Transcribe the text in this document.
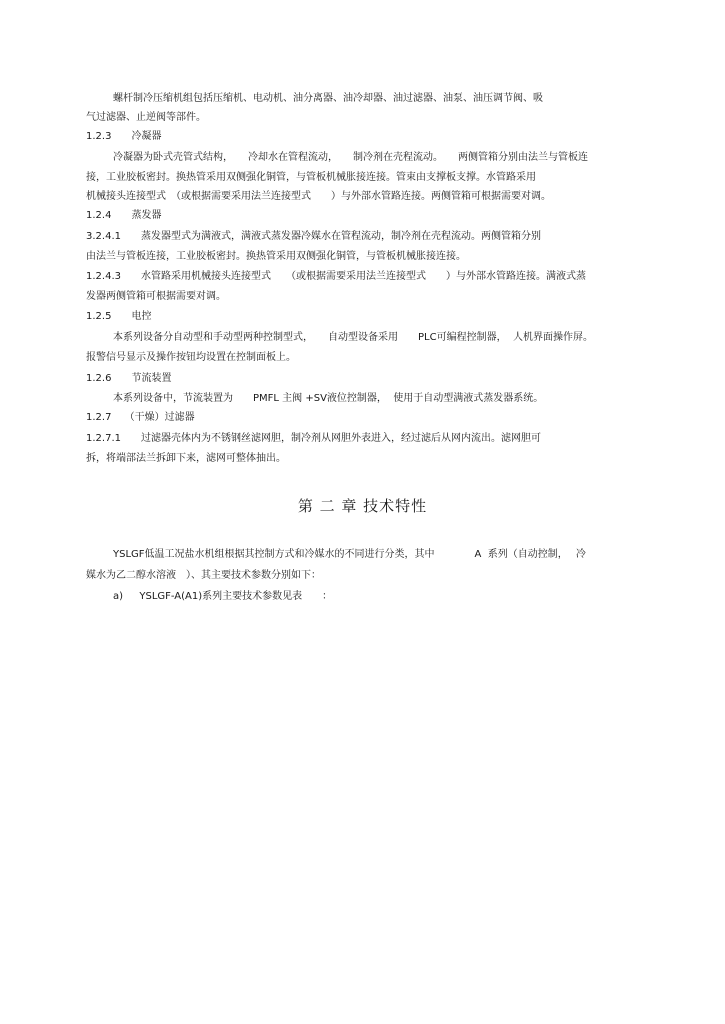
螺杆制冷压缩机组包括压缩机、电动机、油分离器、油冷却器、油过滤器、油泵、油压调节阀、吸
气过滤器、止逆阀等部件。
1.2.3　　冷凝器
冷凝器为卧式壳管式结构，　　冷却水在管程流动，　　制冷剂在壳程流动。　　两侧管箱分别由法兰与管板连
接，工业胶板密封。换热管采用双侧强化铜管，与管板机械胀接连接。管束由支撑板支撑。水管路采用
机械接头连接型式　（或根据需要采用法兰连接型式　　）与外部水管路连接。两侧管箱可根据需要对调。
1.2.4　　蒸发器
3.2.4.1　　蒸发器型式为满液式，满液式蒸发器冷媒水在管程流动，制冷剂在壳程流动。两侧管箱分别
由法兰与管板连接，工业胶板密封。换热管采用双侧强化铜管，与管板机械胀接连接。
1.2.4.3　　水管路采用机械接头连接型式　　（或根据需要采用法兰连接型式　　）与外部水管路连接。满液式蒸
发器两侧管箱可根据需要对调。
1.2.5　　电控
本系列设备分自动型和手动型两种控制型式，　　自动型设备采用　　PLC可编程控制器，  人机界面操作屏。
报警信号显示及操作按钮均设置在控制面板上。
1.2.6　　节流装置
本系列设备中，节流装置为　　PMFL 主阀 +SV液位控制器，  使用于自动型满液式蒸发器系统。
1.2.7　 （干燥）过滤器
1.2.7.1　　过滤器壳体内为不锈钢丝滤网胆，制冷剂从网胆外表进入，经过滤后从网内流出。滤网胆可
拆，将端部法兰拆卸下来，滤网可整体抽出。
第 二 章 技术特性
YSLGF低温工况盐水机组根据其控制方式和冷媒水的不同进行分类，其中　　　　A  系列（自动控制，　 冷
媒水为乙二醇水溶液　）、其主要技术参数分别如下：
a)　  YSLGF-A(A1)系列主要技术参数见表　　：
